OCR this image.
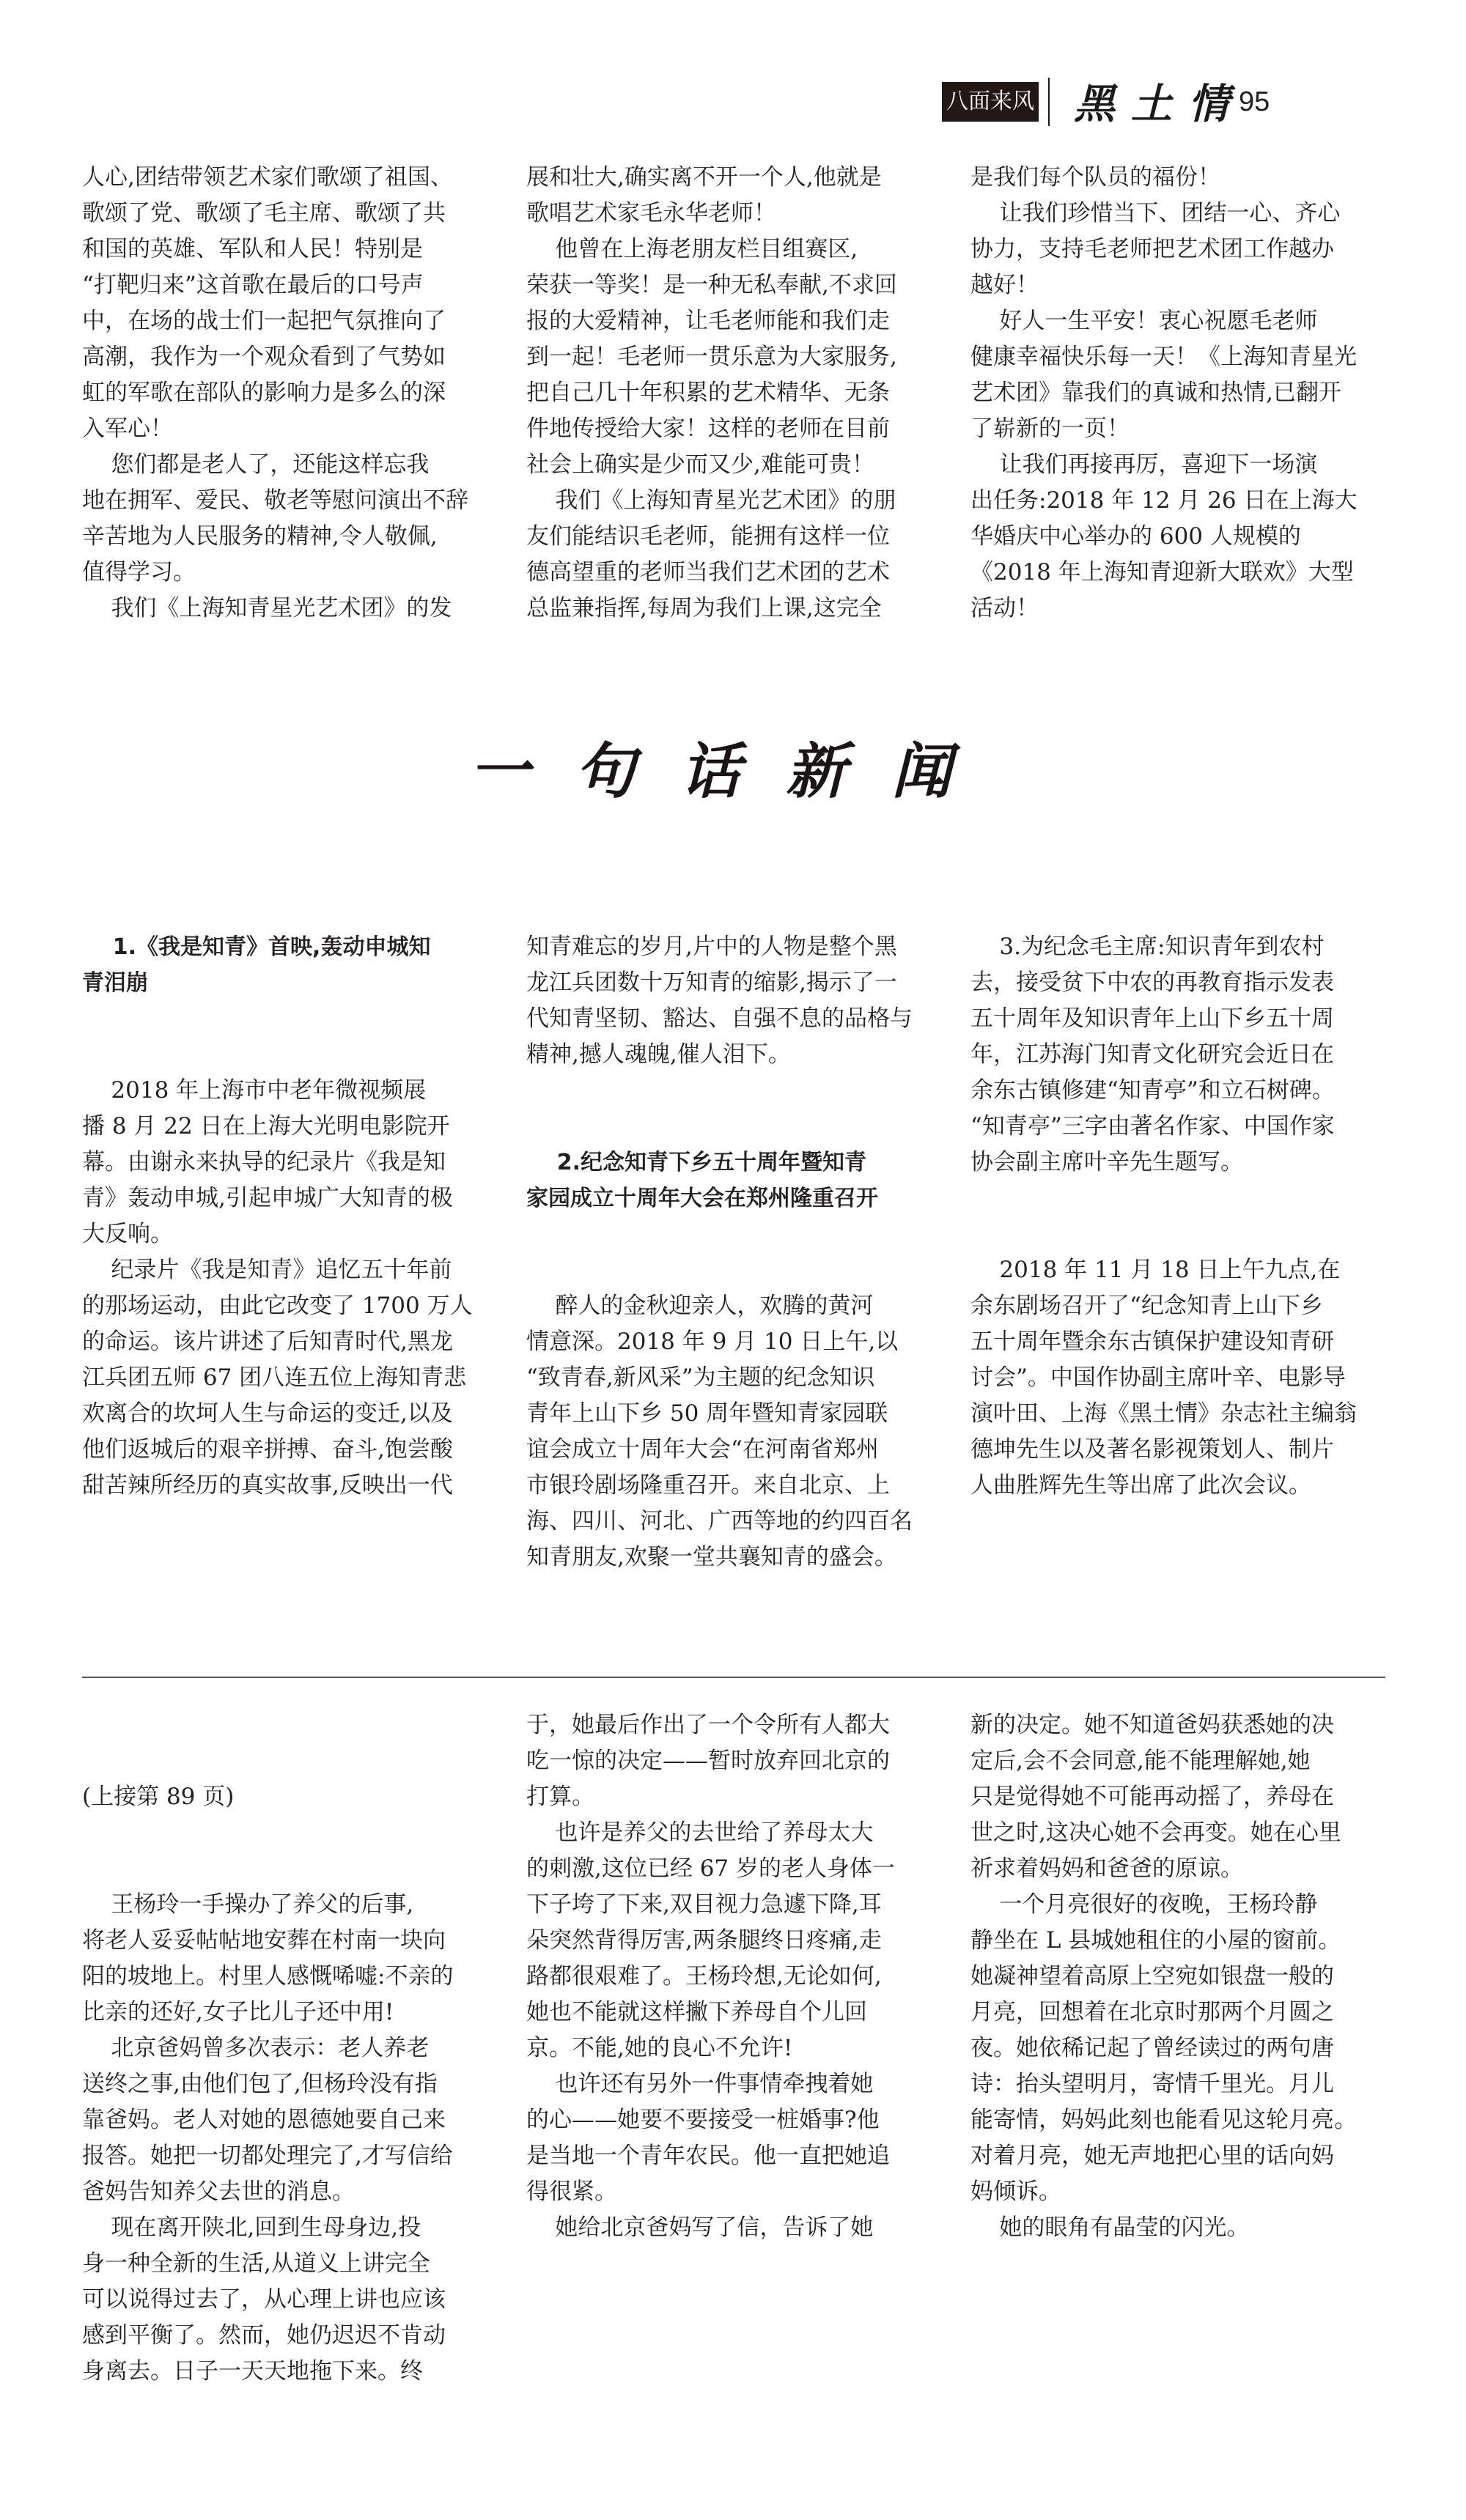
八面来风 黑土情
95
人心,团结带领艺术家们歌颂了祖国、
歌颂了党、歌颂了毛主席、歌颂了共
和国的英雄、军队和人民！特别是
“打靶归来”这首歌在最后的口号声
中，在场的战士们一起把气氛推向了
高潮，我作为一个观众看到了气势如
虹的军歌在部队的影响力是多么的深
入军心！
您们都是老人了，还能这样忘我
地在拥军、爱民、敬老等慰问演出不辞
辛苦地为人民服务的精神,令人敬佩,
值得学习。
我们《上海知青星光艺术团》的发
展和壮大,确实离不开一个人,他就是
歌唱艺术家毛永华老师！
他曾在上海老朋友栏目组赛区,
荣获一等奖！是一种无私奉献,不求回
报的大爱精神，让毛老师能和我们走
到一起！毛老师一贯乐意为大家服务,
把自己几十年积累的艺术精华、无条
件地传授给大家！这样的老师在目前
社会上确实是少而又少,难能可贵！
我们《上海知青星光艺术团》的朋
友们能结识毛老师，能拥有这样一位
德高望重的老师当我们艺术团的艺术
总监兼指挥,每周为我们上课,这完全
是我们每个队员的福份！
让我们珍惜当下、团结一心、齐心
协力，支持毛老师把艺术团工作越办
越好！
好人一生平安！衷心祝愿毛老师
健康幸福快乐每一天！《上海知青星光
艺术团》靠我们的真诚和热情,已翻开
了崭新的一页！
让我们再接再厉，喜迎下一场演
出任务:2018 年 12 月 26 日在上海大
华婚庆中心举办的 600 人规模的
《2018 年上海知青迎新大联欢》大型
活动！
一句话新闻

1.《我是知青》首映,轰动申城知
青泪崩

2018 年上海市中老年微视频展
播 8 月 22 日在上海大光明电影院开
幕。由谢永来执导的纪录片《我是知
青》轰动申城,引起申城广大知青的极
大反响。
纪录片《我是知青》追忆五十年前
的那场运动，由此它改变了 1700 万人
的命运。该片讲述了后知青时代,黑龙
江兵团五师 67 团八连五位上海知青悲
欢离合的坎坷人生与命运的变迁,以及
他们返城后的艰辛拼搏、奋斗,饱尝酸
甜苦辣所经历的真实故事,反映出一代

知青难忘的岁月,片中的人物是整个黑
龙江兵团数十万知青的缩影,揭示了一
代知青坚韧、豁达、自强不息的品格与
精神,撼人魂魄,催人泪下。

2.纪念知青下乡五十周年暨知青
家园成立十周年大会在郑州隆重召开

醉人的金秋迎亲人，欢腾的黄河
情意深。2018 年 9 月 10 日上午,以
“致青春,新风采”为主题的纪念知识
青年上山下乡 50 周年暨知青家园联
谊会成立十周年大会“在河南省郑州
市银玲剧场隆重召开。来自北京、上
海、四川、河北、广西等地的约四百名
知青朋友,欢聚一堂共襄知青的盛会。

3.为纪念毛主席:知识青年到农村
去，接受贫下中农的再教育指示发表
五十周年及知识青年上山下乡五十周
年，江苏海门知青文化研究会近日在
余东古镇修建“知青亭”和立石树碑。
“知青亭”三字由著名作家、中国作家
协会副主席叶辛先生题写。

2018 年 11 月 18 日上午九点,在
余东剧场召开了“纪念知青上山下乡
五十周年暨余东古镇保护建设知青研
讨会”。中国作协副主席叶辛、电影导
演叶田、上海《黑土情》杂志社主编翁
德坤先生以及著名影视策划人、制片
人曲胜辉先生等出席了此次会议。

(上接第 89 页)

王杨玲一手操办了养父的后事,
将老人妥妥帖帖地安葬在村南一块向
阳的坡地上。村里人感慨唏嘘:不亲的
比亲的还好,女子比儿子还中用!
北京爸妈曾多次表示：老人养老
送终之事,由他们包了,但杨玲没有指
靠爸妈。老人对她的恩德她要自己来
报答。她把一切都处理完了,才写信给
爸妈告知养父去世的消息。
现在离开陕北,回到生母身边,投
身一种全新的生活,从道义上讲完全
可以说得过去了，从心理上讲也应该
感到平衡了。然而，她仍迟迟不肯动
身离去。日子一天天地拖下来。终

于，她最后作出了一个令所有人都大
吃一惊的决定——暂时放弃回北京的
打算。
也许是养父的去世给了养母太大
的刺激,这位已经 67 岁的老人身体一
下子垮了下来,双目视力急遽下降,耳
朵突然背得厉害,两条腿终日疼痛,走
路都很艰难了。王杨玲想,无论如何,
她也不能就这样撇下养母自个儿回
京。不能,她的良心不允许!
也许还有另外一件事情牵拽着她
的心——她要不要接受一桩婚事?他
是当地一个青年农民。他一直把她追
得很紧。
她给北京爸妈写了信，告诉了她
新的决定。她不知道爸妈获悉她的决
定后,会不会同意,能不能理解她,她
只是觉得她不可能再动摇了，养母在
世之时,这决心她不会再变。她在心里
祈求着妈妈和爸爸的原谅。
一个月亮很好的夜晚，王杨玲静
静坐在 L 县城她租住的小屋的窗前。
她凝神望着高原上空宛如银盘一般的
月亮，回想着在北京时那两个月圆之
夜。她依稀记起了曾经读过的两句唐
诗：抬头望明月，寄情千里光。月儿
能寄情，妈妈此刻也能看见这轮月亮。
对着月亮，她无声地把心里的话向妈
妈倾诉。
她的眼角有晶莹的闪光。
